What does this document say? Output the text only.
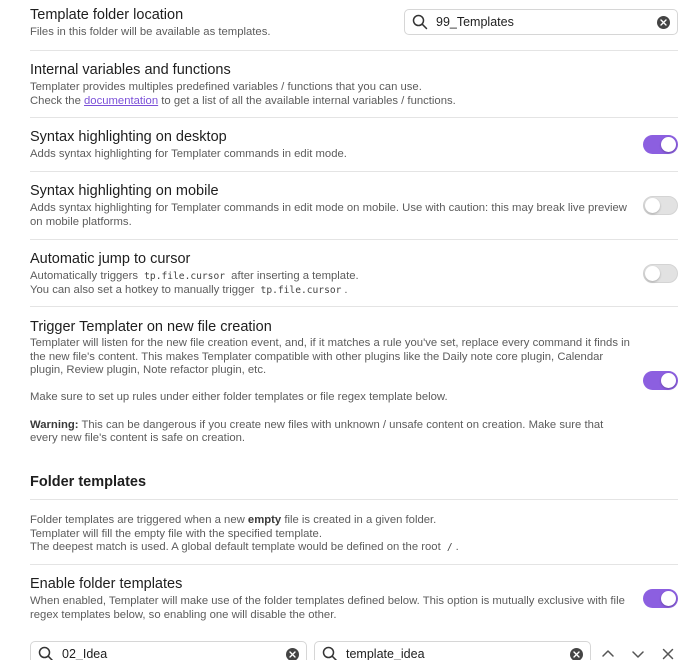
Template folder location
Files in this folder will be available as templates.
99_Templates
Internal variables and functions
Templater provides multiples predefined variables / functions that you can use.
Check the documentation to get a list of all the available internal variables / functions.
Syntax highlighting on desktop
Adds syntax highlighting for Templater commands in edit mode.
Syntax highlighting on mobile
Adds syntax highlighting for Templater commands in edit mode on mobile. Use with caution: this may break live preview on mobile platforms.
Automatic jump to cursor
Automatically triggers tp.file.cursor after inserting a template.
You can also set a hotkey to manually trigger tp.file.cursor .
Trigger Templater on new file creation
Templater will listen for the new file creation event, and, if it matches a rule you've set, replace every command it finds in the new file's content. This makes Templater compatible with other plugins like the Daily note core plugin, Calendar plugin, Review plugin, Note refactor plugin, etc.
Make sure to set up rules under either folder templates or file regex template below.
Warning: This can be dangerous if you create new files with unknown / unsafe content on creation. Make sure that every new file's content is safe on creation.
Folder templates
Folder templates are triggered when a new empty file is created in a given folder.
Templater will fill the empty file with the specified template.
The deepest match is used. A global default template would be defined on the root / .
Enable folder templates
When enabled, Templater will make use of the folder templates defined below. This option is mutually exclusive with file regex templates below, so enabling one will disable the other.
02_Idea	template_idea
